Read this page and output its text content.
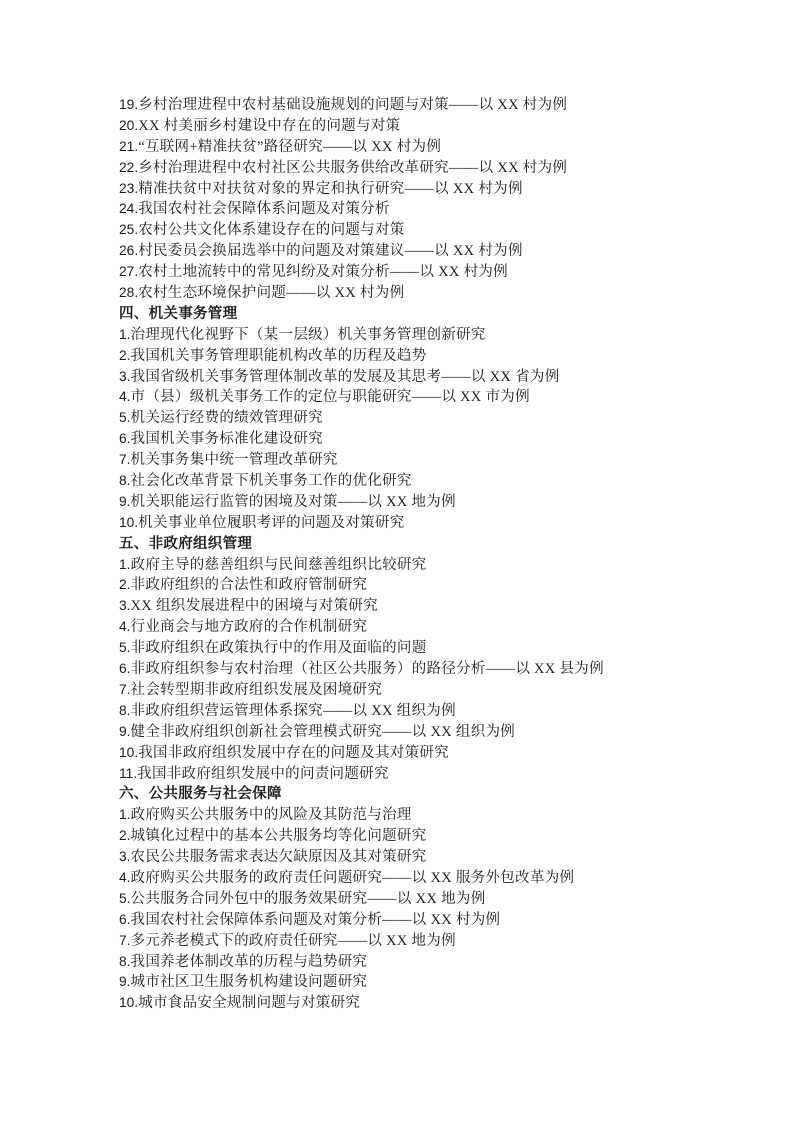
19.乡村治理进程中农村基础设施规划的问题与对策——以 XX 村为例
20.XX 村美丽乡村建设中存在的问题与对策
21.“互联网+精准扶贫”路径研究——以 XX 村为例
22.乡村治理进程中农村社区公共服务供给改革研究——以 XX 村为例
23.精准扶贫中对扶贫对象的界定和执行研究——以 XX 村为例
24.我国农村社会保障体系问题及对策分析
25.农村公共文化体系建设存在的问题与对策
26.村民委员会换届选举中的问题及对策建议——以 XX 村为例
27.农村土地流转中的常见纠纷及对策分析——以 XX 村为例
28.农村生态环境保护问题——以 XX 村为例
四、机关事务管理
1.治理现代化视野下（某一层级）机关事务管理创新研究
2.我国机关事务管理职能机构改革的历程及趋势
3.我国省级机关事务管理体制改革的发展及其思考——以 XX 省为例
4.市（县）级机关事务工作的定位与职能研究——以 XX 市为例
5.机关运行经费的绩效管理研究
6.我国机关事务标准化建设研究
7.机关事务集中统一管理改革研究
8.社会化改革背景下机关事务工作的优化研究
9.机关职能运行监管的困境及对策——以 XX 地为例
10.机关事业单位履职考评的问题及对策研究
五、非政府组织管理
1.政府主导的慈善组织与民间慈善组织比较研究
2.非政府组织的合法性和政府管制研究
3.XX 组织发展进程中的困境与对策研究
4.行业商会与地方政府的合作机制研究
5.非政府组织在政策执行中的作用及面临的问题
6.非政府组织参与农村治理（社区公共服务）的路径分析——以 XX 县为例
7.社会转型期非政府组织发展及困境研究
8.非政府组织营运管理体系探究——以 XX 组织为例
9.健全非政府组织创新社会管理模式研究——以 XX 组织为例
10.我国非政府组织发展中存在的问题及其对策研究
11.我国非政府组织发展中的问责问题研究
六、公共服务与社会保障
1.政府购买公共服务中的风险及其防范与治理
2.城镇化过程中的基本公共服务均等化问题研究
3.农民公共服务需求表达欠缺原因及其对策研究
4.政府购买公共服务的政府责任问题研究——以 XX 服务外包改革为例
5.公共服务合同外包中的服务效果研究——以 XX 地为例
6.我国农村社会保障体系问题及对策分析——以 XX 村为例
7.多元养老模式下的政府责任研究——以 XX 地为例
8.我国养老体制改革的历程与趋势研究
9.城市社区卫生服务机构建设问题研究
10.城市食品安全规制问题与对策研究
